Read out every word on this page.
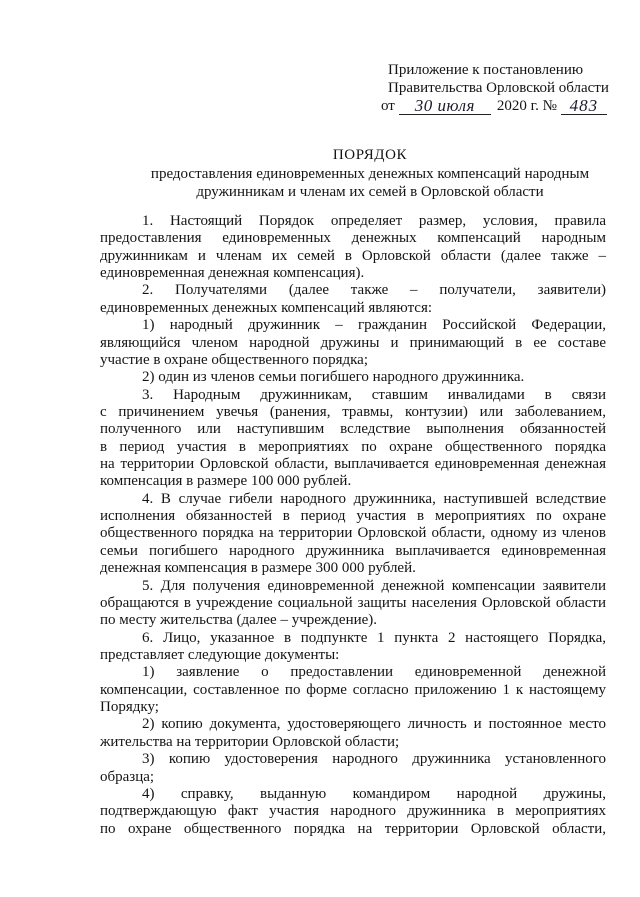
Приложение к постановлению
Правительства Орловской области
от	30 июля	2020 г. № 483
ПОРЯДОК
предоставления единовременных денежных компенсаций народным
дружинникам и членам их семей в Орловской области
1. Настоящий Порядок определяет размер, условия, правила
предоставления единовременных денежных компенсаций народным
дружинникам и членам их семей в Орловской области (далее также –
единовременная денежная компенсация).
2. Получателями (далее также – получатели, заявители)
единовременных денежных компенсаций являются:
1) народный дружинник – гражданин Российской Федерации,
являющийся членом народной дружины и принимающий в ее составе
участие в охране общественного порядка;
2) один из членов семьи погибшего народного дружинника.
3. Народным дружинникам, ставшим инвалидами в связи
с причинением увечья (ранения, травмы, контузии) или заболеванием,
полученного или наступившим вследствие выполнения обязанностей
в период участия в мероприятиях по охране общественного порядка
на территории Орловской области, выплачивается единовременная денежная
компенсация в размере 100 000 рублей.
4. В случае гибели народного дружинника, наступившей вследствие
исполнения обязанностей в период участия в мероприятиях по охране
общественного порядка на территории Орловской области, одному из членов
семьи погибшего народного дружинника выплачивается единовременная
денежная компенсация в размере 300 000 рублей.
5. Для получения единовременной денежной компенсации заявители
обращаются в учреждение социальной защиты населения Орловской области
по месту жительства (далее – учреждение).
6. Лицо, указанное в подпункте 1 пункта 2 настоящего Порядка,
представляет следующие документы:
1) заявление о предоставлении единовременной денежной
компенсации, составленное по форме согласно приложению 1 к настоящему
Порядку;
2) копию документа, удостоверяющего личность и постоянное место
жительства на территории Орловской области;
3) копию удостоверения народного дружинника установленного
образца;
4) справку, выданную командиром народной дружины,
подтверждающую факт участия народного дружинника в мероприятиях
по охране общественного порядка на территории Орловской области,
